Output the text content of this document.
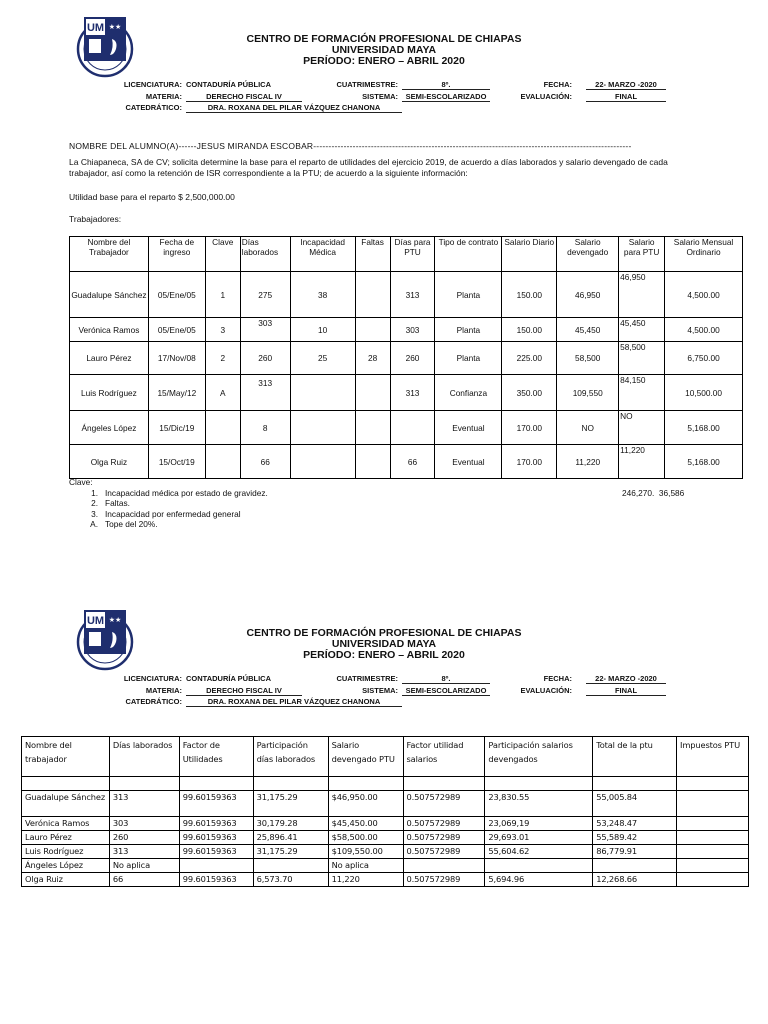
UM ★★
CENTRO DE FORMACIÓN PROFESIONAL DE CHIAPAS
UNIVERSIDAD MAYA
PERÍODO: ENERO – ABRIL 2020
LICENCIATURA: CONTADURÍA PÚBLICA
MATERIA:	DERECHO FISCAL IV
CATEDRÁTICO:	DRA. ROXANA DEL PILAR VÁZQUEZ CHANONA
CUATRIMESTRE:	8º.
SISTEMA:	SEMI-ESCOLARIZADO
FECHA:	22- MARZO -2020
EVALUACIÓN:	FINAL
NOMBRE DEL ALUMNO(A)------JESUS MIRANDA ESCOBAR---------------------------------------------------------------------------------------------------------
La Chiapaneca, SA de CV; solicita determine la base para el reparto de utilidades del ejercicio 2019, de acuerdo a días laborados y salario devengado de cada trabajador, así como la retención de ISR correspondiente a la PTU; de acuerdo a la siguiente información:
Utilidad base para el reparto $ 2,500,000.00
Trabajadores:
Nombre del Trabajador	Fecha de ingreso	Clave	Días laborados	Incapacidad Médica	Faltas	Días para PTU	Tipo de contrato	Salario Diario	Salario devengado	Salario para PTU	Salario Mensual Ordinario
Guadalupe Sánchez	05/Ene/05	1	275	38		313	Planta	150.00	46,950	46,950	4,500.00
Verónica Ramos	05/Ene/05	3	303	10		303	Planta	150.00	45,450	45,450	4,500.00
Lauro Pérez	17/Nov/08	2	260	25	28	260	Planta	225.00	58,500	58,500	6,750.00
Luis Rodríguez	15/May/12	A	313			313	Confianza	350.00	109,550	84,150	10,500.00
Ángeles López	15/Dic/19		8				Eventual	170.00	NO	NO	5,168.00
Olga Ruiz	15/Oct/19		66			66	Eventual	170.00	11,220	11,220	5,168.00
Clave:
1. Incapacidad médica por estado de gravidez.
2. Faltas.
3. Incapacidad por enfermedad general
A. Tope del 20%.
246,270.  36,586
UM ★★
CENTRO DE FORMACIÓN PROFESIONAL DE CHIAPAS
UNIVERSIDAD MAYA
PERÍODO: ENERO – ABRIL 2020
LICENCIATURA: CONTADURÍA PÚBLICA
MATERIA:	DERECHO FISCAL IV
CATEDRÁTICO:	DRA. ROXANA DEL PILAR VÁZQUEZ CHANONA
CUATRIMESTRE:	8º.
SISTEMA:	SEMI-ESCOLARIZADO
FECHA:	22- MARZO -2020
EVALUACIÓN:	FINAL
Nombre del trabajador	Días laborados	Factor de Utilidades	Participación días laborados	Salario devengado PTU	Factor utilidad salarios	Participación salarios devengados	Total de la ptu	Impuestos PTU

Guadalupe Sánchez	313	99.60159363	31,175.29	$46,950.00	0.507572989	23,830.55	55,005.84	
Verónica Ramos	303	99.60159363	30,179.28	$45,450.00	0.507572989	23,069,19	53,248.47	
Lauro Pérez	260	99.60159363	25,896.41	$58,500.00	0.507572989	29,693.01	55,589.42	
Luis Rodríguez	313	99.60159363	31,175.29	$109,550.00	0.507572989	55,604.62	86,779.91	
Ángeles López	No aplica			No aplica				
Olga Ruiz	66	99.60159363	6,573.70	11,220	0.507572989	5,694.96	12,268.66	
